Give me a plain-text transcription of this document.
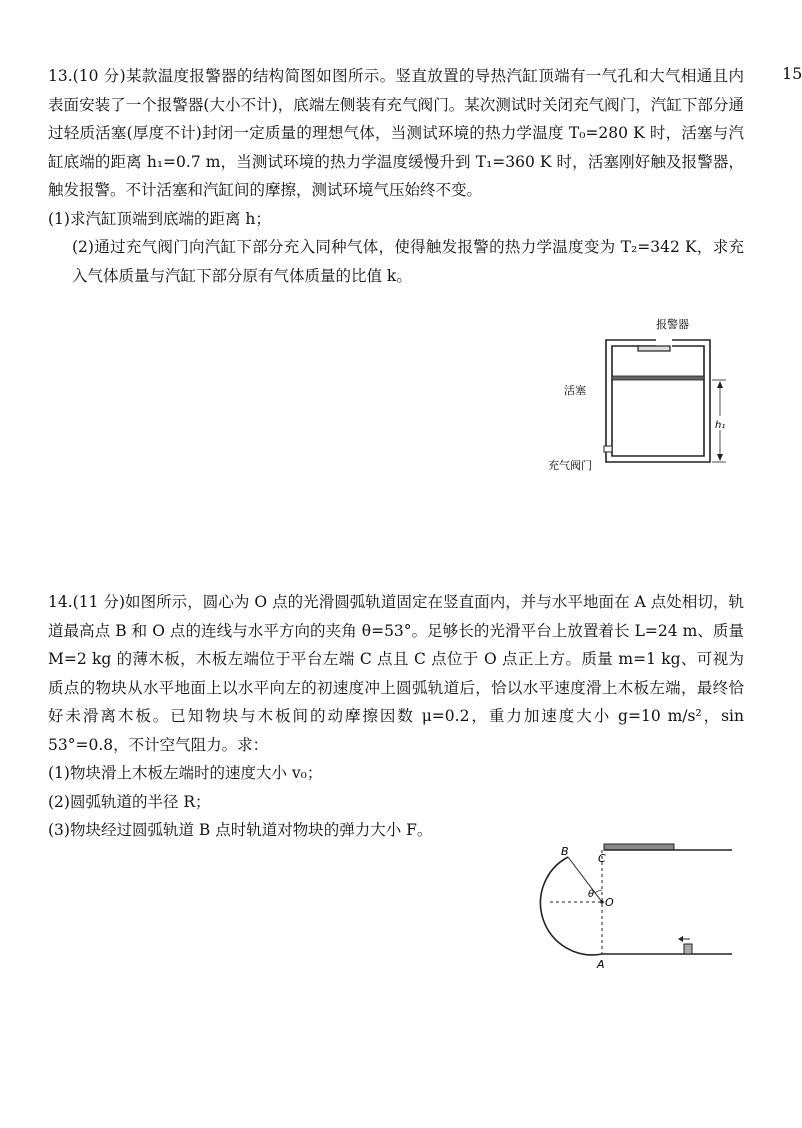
15

13.(10 分)某款温度报警器的结构简图如图所示。竖直放置的导热汽缸顶端有一气孔和大气相通且内表面安装了一个报警器(大小不计)，底端左侧装有充气阀门。某次测试时关闭充气阀门，汽缸下部分通过轻质活塞(厚度不计)封闭一定质量的理想气体，当测试环境的热力学温度 T₀=280 K 时，活塞与汽缸底端的距离 h₁=0.7 m，当测试环境的热力学温度缓慢升到 T₁=360 K 时，活塞刚好触及报警器，触发报警。不计活塞和汽缸间的摩擦，测试环境气压始终不变。

(1)求汽缸顶端到底端的距离 h；

(2)通过充气阀门向汽缸下部分充入同种气体，使得触发报警的热力学温度变为 T₂=342 K，求充入气体质量与汽缸下部分原有气体质量的比值 k。

h₁
报警器
活塞
充气阀门

14.(11 分)如图所示，圆心为 O 点的光滑圆弧轨道固定在竖直面内，并与水平地面在 A 点处相切，轨道最高点 B 和 O 点的连线与水平方向的夹角 θ=53°。足够长的光滑平台上放置着长 L=24 m、质量 M=2 kg 的薄木板，木板左端位于平台左端 C 点且 C 点位于 O 点正上方。质量 m=1 kg、可视为质点的物块从水平地面上以水平向左的初速度冲上圆弧轨道后，恰以水平速度滑上木板左端，最终恰好未滑离木板。已知物块与木板间的动摩擦因数 μ=0.2，重力加速度大小 g=10 m/s²，sin 53°=0.8，不计空气阻力。求：

(1)物块滑上木板左端时的速度大小 v₀；

(2)圆弧轨道的半径 R；

(3)物块经过圆弧轨道 B 点时轨道对物块的弹力大小 F。

B
C
θ
O
A
